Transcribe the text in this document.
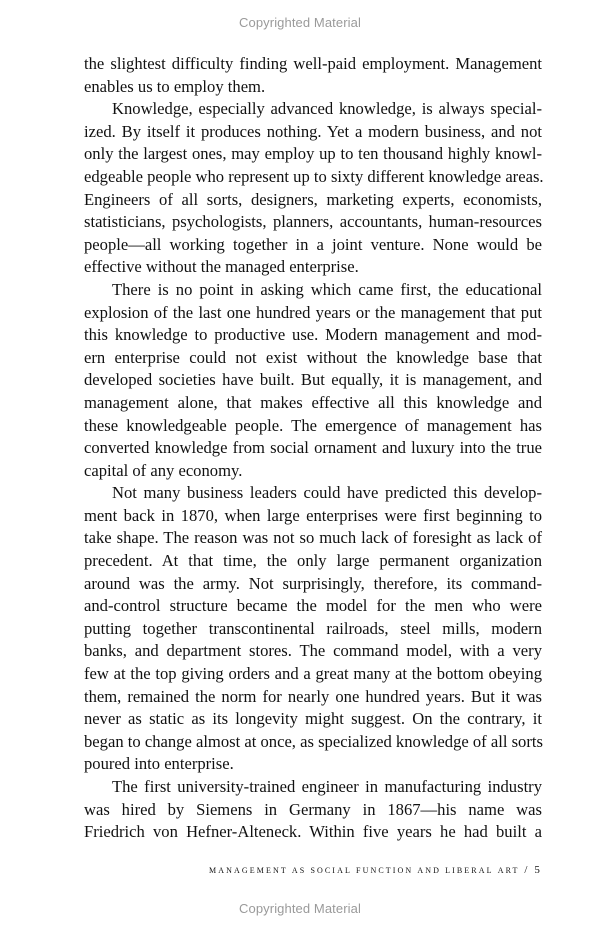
Copyrighted Material
the slightest difficulty finding well-paid employment. Management
enables us to employ them.
Knowledge, especially advanced knowledge, is always special-
ized. By itself it produces nothing. Yet a modern business, and not
only the largest ones, may employ up to ten thousand highly knowl-
edgeable people who represent up to sixty different knowledge areas.
Engineers of all sorts, designers, marketing experts, economists,
statisticians, psychologists, planners, accountants, human-resources
people—all working together in a joint venture. None would be
effective without the managed enterprise.
There is no point in asking which came first, the educational
explosion of the last one hundred years or the management that put
this knowledge to productive use. Modern management and mod-
ern enterprise could not exist without the knowledge base that
developed societies have built. But equally, it is management, and
management alone, that makes effective all this knowledge and
these knowledgeable people. The emergence of management has
converted knowledge from social ornament and luxury into the true
capital of any economy.
Not many business leaders could have predicted this develop-
ment back in 1870, when large enterprises were first beginning to
take shape. The reason was not so much lack of foresight as lack of
precedent. At that time, the only large permanent organization
around was the army. Not surprisingly, therefore, its command-
and-control structure became the model for the men who were
putting together transcontinental railroads, steel mills, modern
banks, and department stores. The command model, with a very
few at the top giving orders and a great many at the bottom obeying
them, remained the norm for nearly one hundred years. But it was
never as static as its longevity might suggest. On the contrary, it
began to change almost at once, as specialized knowledge of all sorts
poured into enterprise.
The first university-trained engineer in manufacturing industry
was hired by Siemens in Germany in 1867—his name was
Friedrich von Hefner-Alteneck. Within five years he had built a
management as social function and liberal art / 5
Copyrighted Material
